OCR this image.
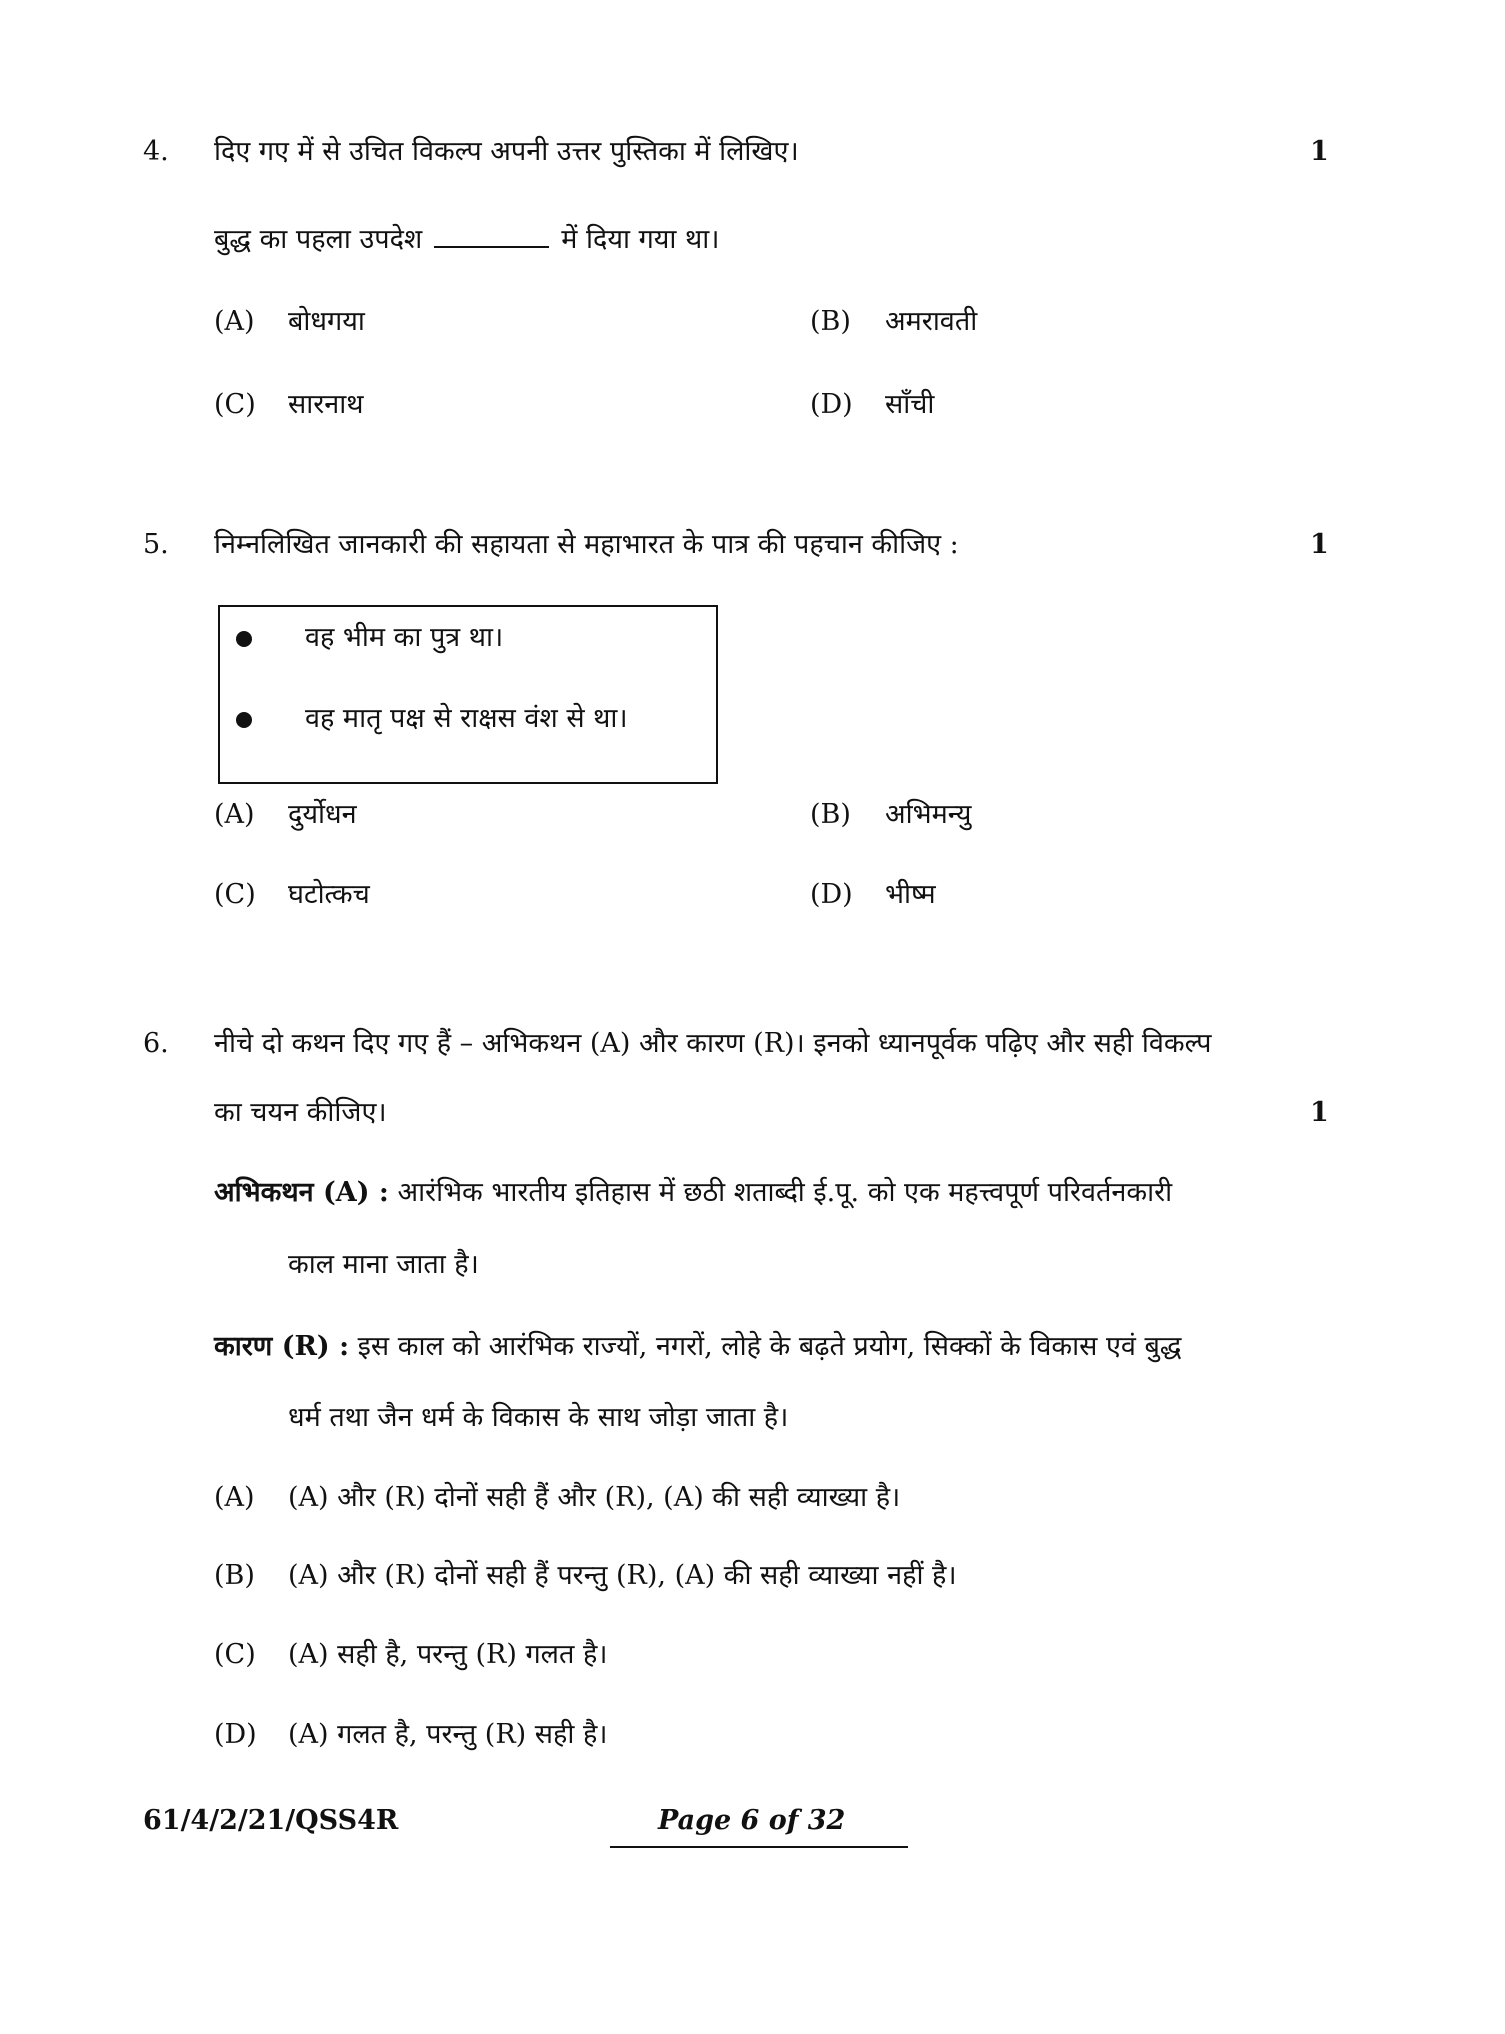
4. दिए गए में से उचित विकल्प अपनी उत्तर पुस्तिका में लिखिए।	1
बुद्ध का पहला उपदेश	में दिया गया था।
(A) बोधगया	(B) अमरावती
(C) सारनाथ	(D) साँची
5. निम्नलिखित जानकारी की सहायता से महाभारत के पात्र की पहचान कीजिए :	1
वह भीम का पुत्र था।
वह मातृ पक्ष से राक्षस वंश से था।
(A) दुर्योधन	(B) अभिमन्यु
(C) घटोत्कच	(D) भीष्म
6. नीचे दो कथन दिए गए हैं – अभिकथन (A) और कारण (R)। इनको ध्यानपूर्वक पढ़िए और सही विकल्प
का चयन कीजिए।	1
अभिकथन (A) : आरंभिक भारतीय इतिहास में छठी शताब्दी ई.पू. को एक महत्त्वपूर्ण परिवर्तनकारी
काल माना जाता है।
कारण (R) : इस काल को आरंभिक राज्यों, नगरों, लोहे के बढ़ते प्रयोग, सिक्कों के विकास एवं बुद्ध
धर्म तथा जैन धर्म के विकास के साथ जोड़ा जाता है।
(A) (A) और (R) दोनों सही हैं और (R), (A) की सही व्याख्या है।
(B) (A) और (R) दोनों सही हैं परन्तु (R), (A) की सही व्याख्या नहीं है।
(C) (A) सही है, परन्तु (R) गलत है।
(D) (A) गलत है, परन्तु (R) सही है।
61/4/2/21/QSS4R	Page 6 of 32
